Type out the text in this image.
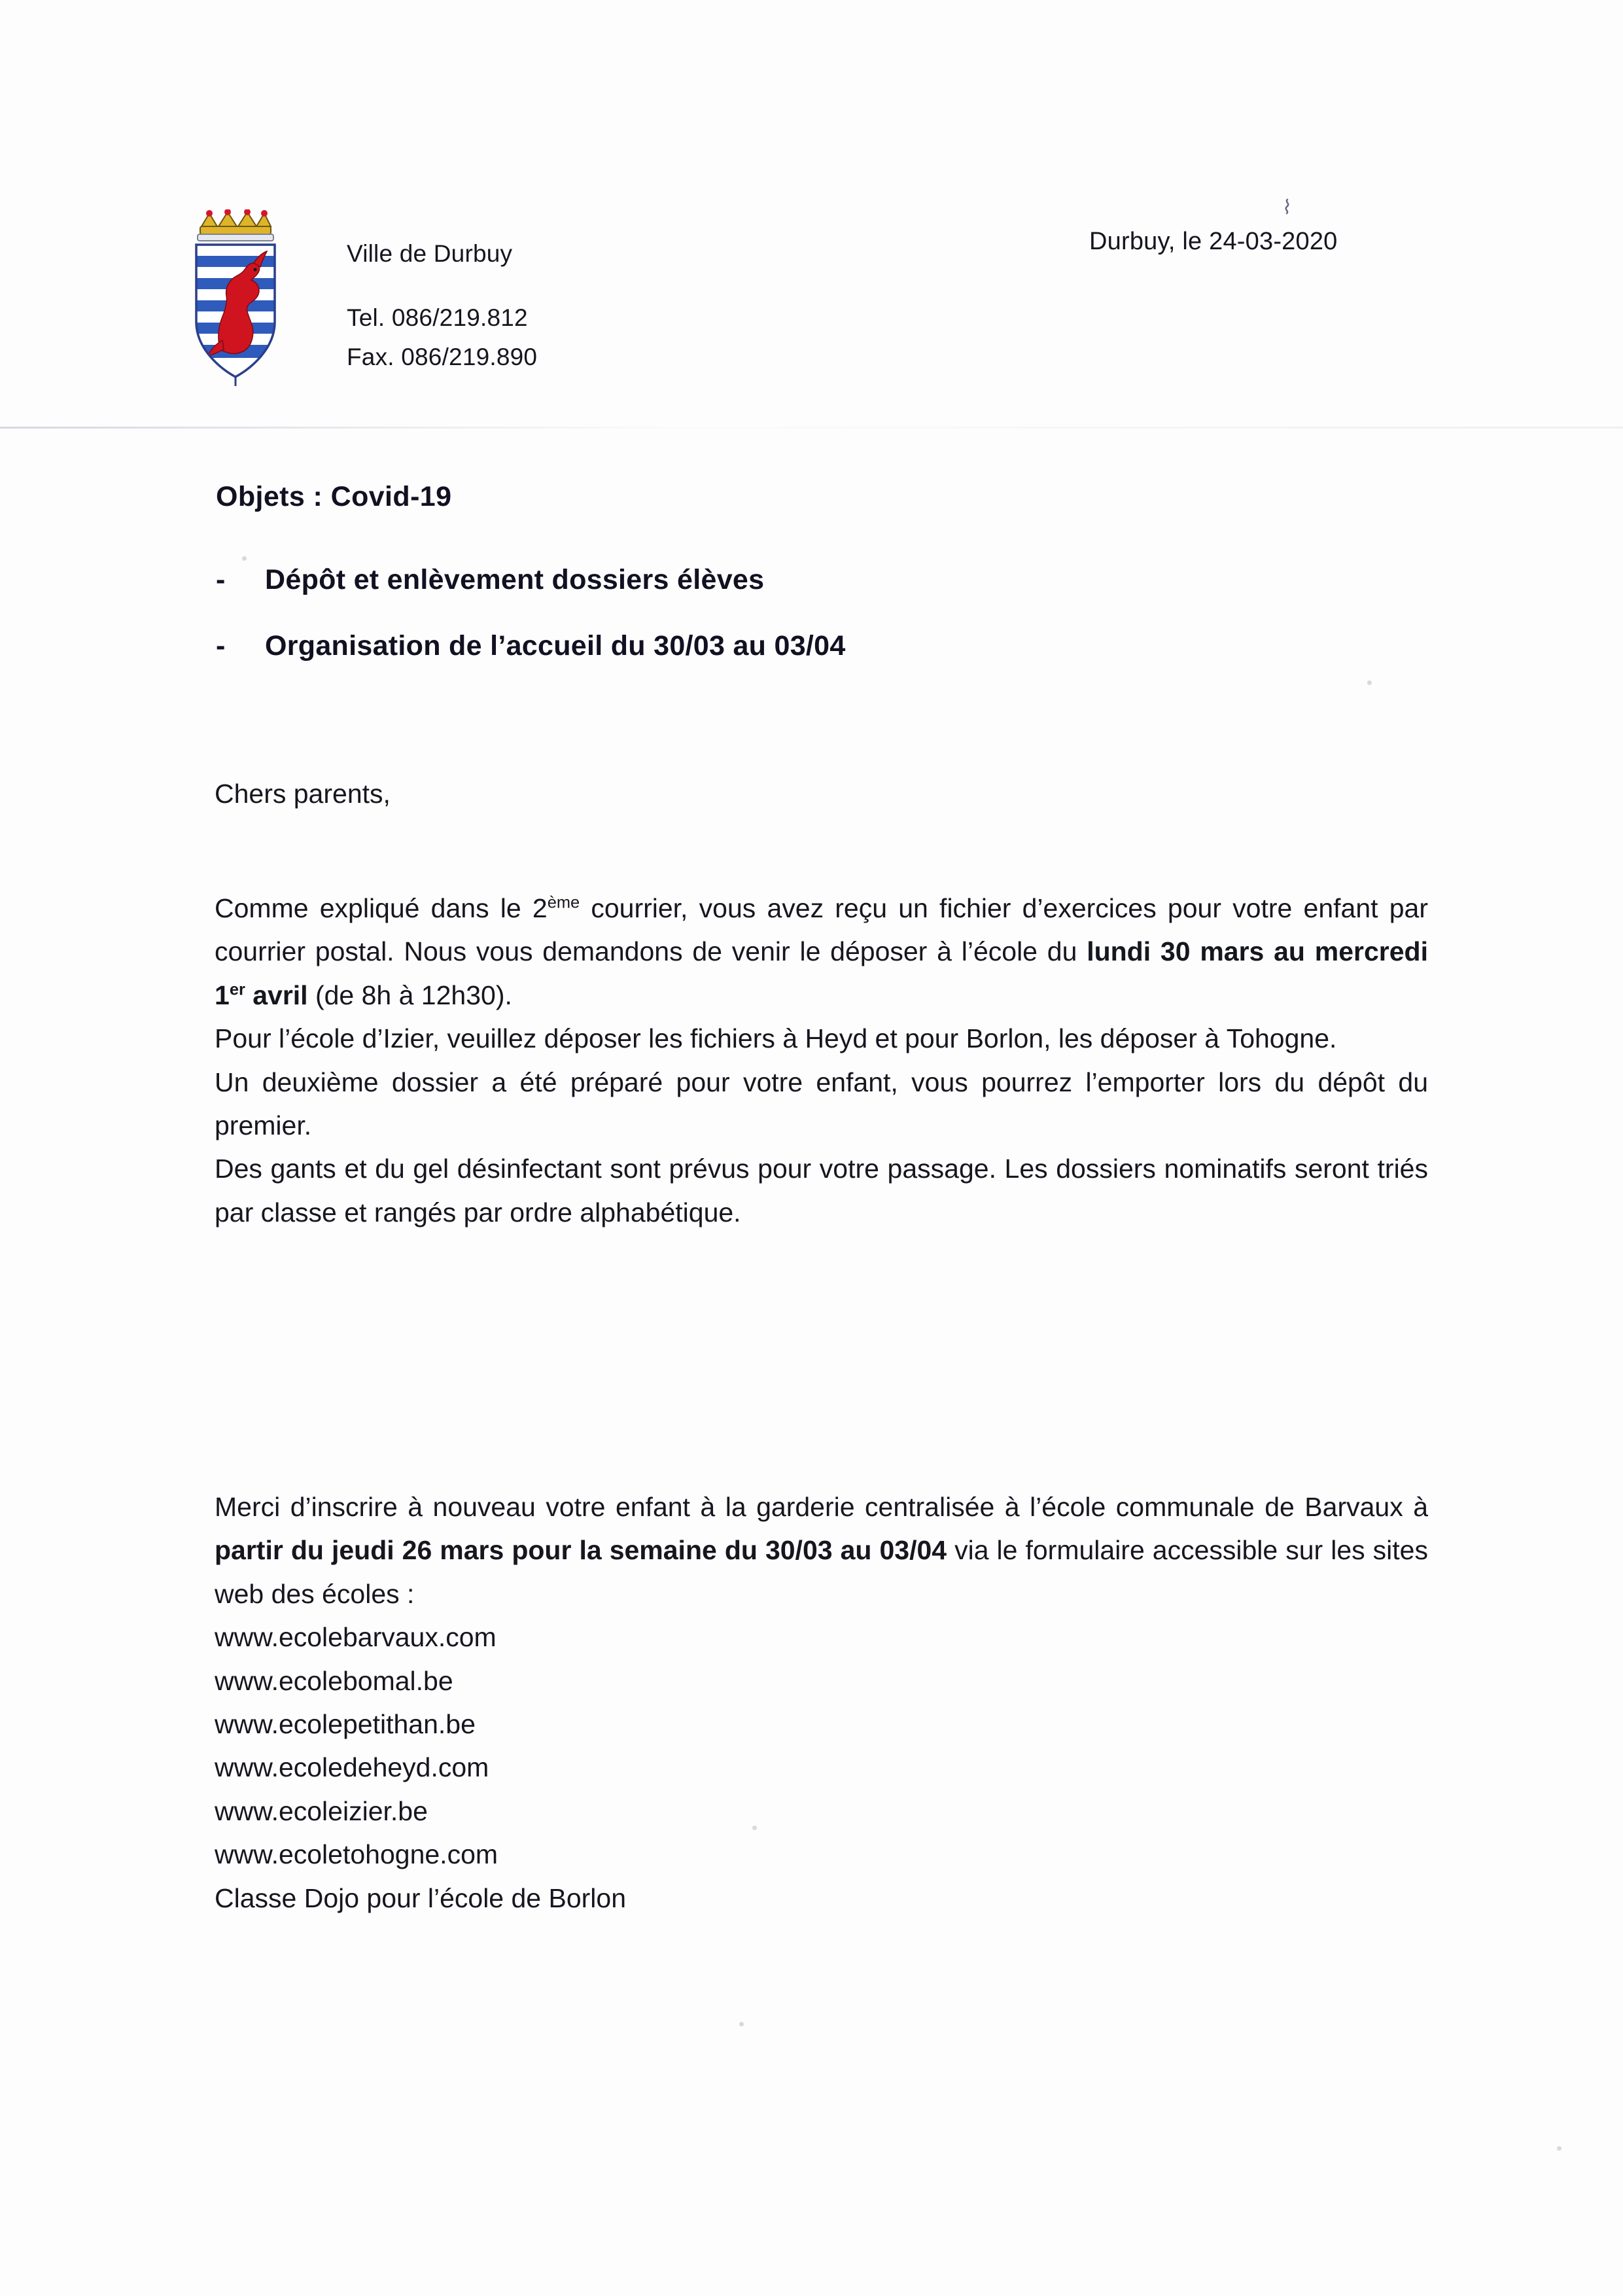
Ville de Durbuy
Tel. 086/219.812
Fax. 086/219.890
Durbuy, le 24-03-2020
⌇
Objets : Covid-19
-	Dépôt et enlèvement dossiers élèves
-	Organisation de l’accueil du 30/03 au 03/04
Chers parents,

Comme expliqué dans le 2ème courrier, vous avez reçu un fichier d’exercices pour votre enfant par courrier postal. Nous vous demandons de venir le déposer à l’école du lundi 30 mars au mercredi 1er avril (de 8h à 12h30).

Pour l’école d’Izier, veuillez déposer les fichiers à Heyd et pour Borlon, les déposer à Tohogne.

Un deuxième dossier a été préparé pour votre enfant, vous pourrez l’emporter lors du dépôt du premier.

Des gants et du gel désinfectant sont prévus pour votre passage. Les dossiers nominatifs seront triés par classe et rangés par ordre alphabétique.

Merci d’inscrire à nouveau votre enfant à la garderie centralisée à l’école communale de Barvaux à partir du jeudi 26 mars pour la semaine du 30/03 au 03/04 via le formulaire accessible sur les sites web des écoles :

www.ecolebarvaux.com
www.ecolebomal.be
www.ecolepetithan.be
www.ecoledeheyd.com
www.ecoleizier.be
www.ecoletohogne.com

Classe Dojo pour l’école de Borlon
